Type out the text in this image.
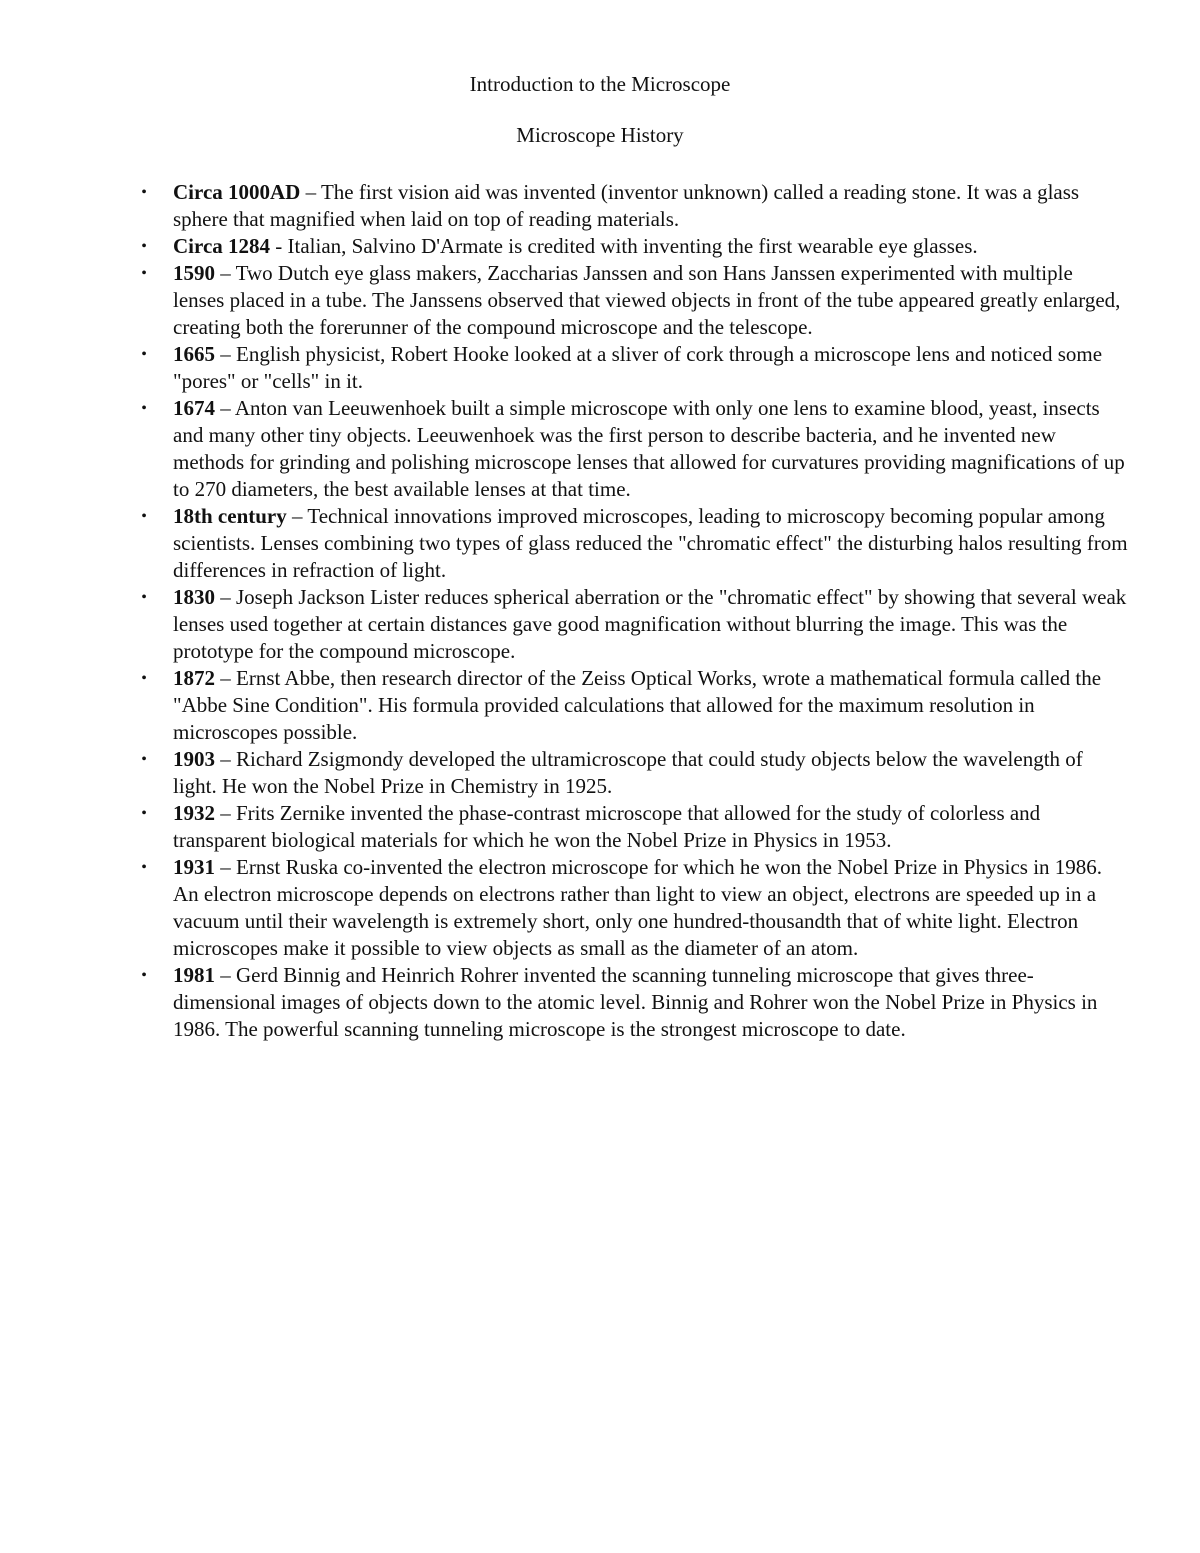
Introduction to the Microscope
Microscope History
• Circa 1000AD – The first vision aid was invented (inventor unknown) called a reading stone. It was a glass sphere that magnified when laid on top of reading materials.
• Circa 1284 - Italian, Salvino D'Armate is credited with inventing the first wearable eye glasses.
• 1590 – Two Dutch eye glass makers, Zaccharias Janssen and son Hans Janssen experimented with multiple lenses placed in a tube. The Janssens observed that viewed objects in front of the tube appeared greatly enlarged, creating both the forerunner of the compound microscope and the telescope.
• 1665 – English physicist, Robert Hooke looked at a sliver of cork through a microscope lens and noticed some "pores" or "cells" in it.
• 1674 – Anton van Leeuwenhoek built a simple microscope with only one lens to examine blood, yeast, insects and many other tiny objects. Leeuwenhoek was the first person to describe bacteria, and he invented new methods for grinding and polishing microscope lenses that allowed for curvatures providing magnifications of up to 270 diameters, the best available lenses at that time.
• 18th century – Technical innovations improved microscopes, leading to microscopy becoming popular among scientists. Lenses combining two types of glass reduced the "chromatic effect" the disturbing halos resulting from differences in refraction of light.
• 1830 – Joseph Jackson Lister reduces spherical aberration or the "chromatic effect" by showing that several weak lenses used together at certain distances gave good magnification without blurring the image. This was the prototype for the compound microscope.
• 1872 – Ernst Abbe, then research director of the Zeiss Optical Works, wrote a mathematical formula called the "Abbe Sine Condition". His formula provided calculations that allowed for the maximum resolution in microscopes possible.
• 1903 – Richard Zsigmondy developed the ultramicroscope that could study objects below the wavelength of light. He won the Nobel Prize in Chemistry in 1925.
• 1932 – Frits Zernike invented the phase-contrast microscope that allowed for the study of colorless and transparent biological materials for which he won the Nobel Prize in Physics in 1953.
• 1931 – Ernst Ruska co-invented the electron microscope for which he won the Nobel Prize in Physics in 1986. An electron microscope depends on electrons rather than light to view an object, electrons are speeded up in a vacuum until their wavelength is extremely short, only one hundred-thousandth that of white light. Electron microscopes make it possible to view objects as small as the diameter of an atom.
• 1981 – Gerd Binnig and Heinrich Rohrer invented the scanning tunneling microscope that gives three-dimensional images of objects down to the atomic level. Binnig and Rohrer won the Nobel Prize in Physics in 1986. The powerful scanning tunneling microscope is the strongest microscope to date.
